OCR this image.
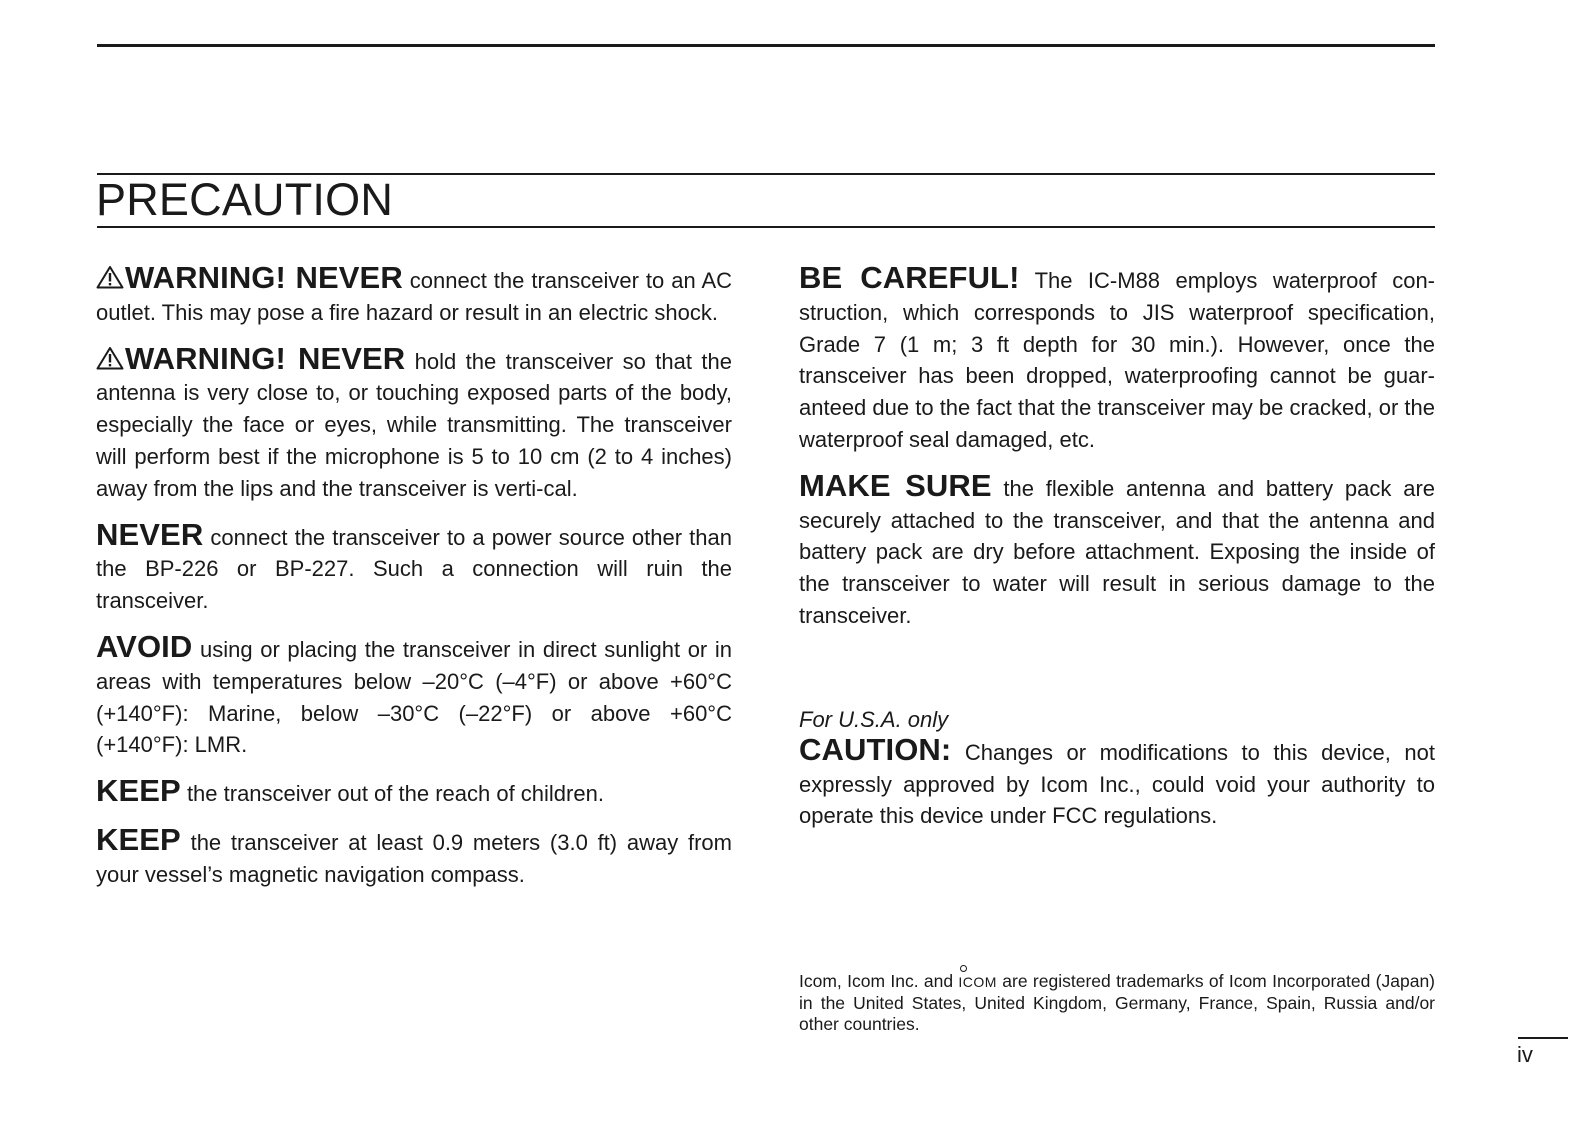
PRECAUTION

WARNING! NEVER connect the transceiver to an AC outlet. This may pose a fire hazard or result in an electric shock.

WARNING! NEVER hold the transceiver so that the antenna is very close to, or touching exposed parts of the body, especially the face or eyes, while transmitting. The transceiver will perform best if the microphone is 5 to 10 cm (2 to 4 inches) away from the lips and the transceiver is verti-cal.

NEVER connect the transceiver to a power source other than the BP-226 or BP-227. Such a connection will ruin the transceiver.

AVOID using or placing the transceiver in direct sunlight or in areas with temperatures below –20°C (–4°F) or above +60°C (+140°F): Marine, below –30°C (–22°F) or above +60°C (+140°F): LMR.

KEEP the transceiver out of the reach of children.

KEEP the transceiver at least 0.9 meters (3.0 ft) away from your vessel’s magnetic navigation compass.

BE CAREFUL! The IC-M88 employs waterproof con-struction, which corresponds to JIS waterproof specification, Grade 7 (1 m; 3 ft depth for 30 min.). However, once the transceiver has been dropped, waterproofing cannot be guar-anteed due to the fact that the transceiver may be cracked, or the waterproof seal damaged, etc.

MAKE SURE the flexible antenna and battery pack are securely attached to the transceiver, and that the antenna and battery pack are dry before attachment. Exposing the inside of the transceiver to water will result in serious damage to the transceiver.

For U.S.A. only

CAUTION: Changes or modifications to this device, not expressly approved by Icom Inc., could void your authority to operate this device under FCC regulations.

Icom, Icom Inc. and
ICOM are registered trademarks of Icom Incorporated (Japan) in the United States, United Kingdom, Germany, France, Spain, Russia and/or other countries.

iv
